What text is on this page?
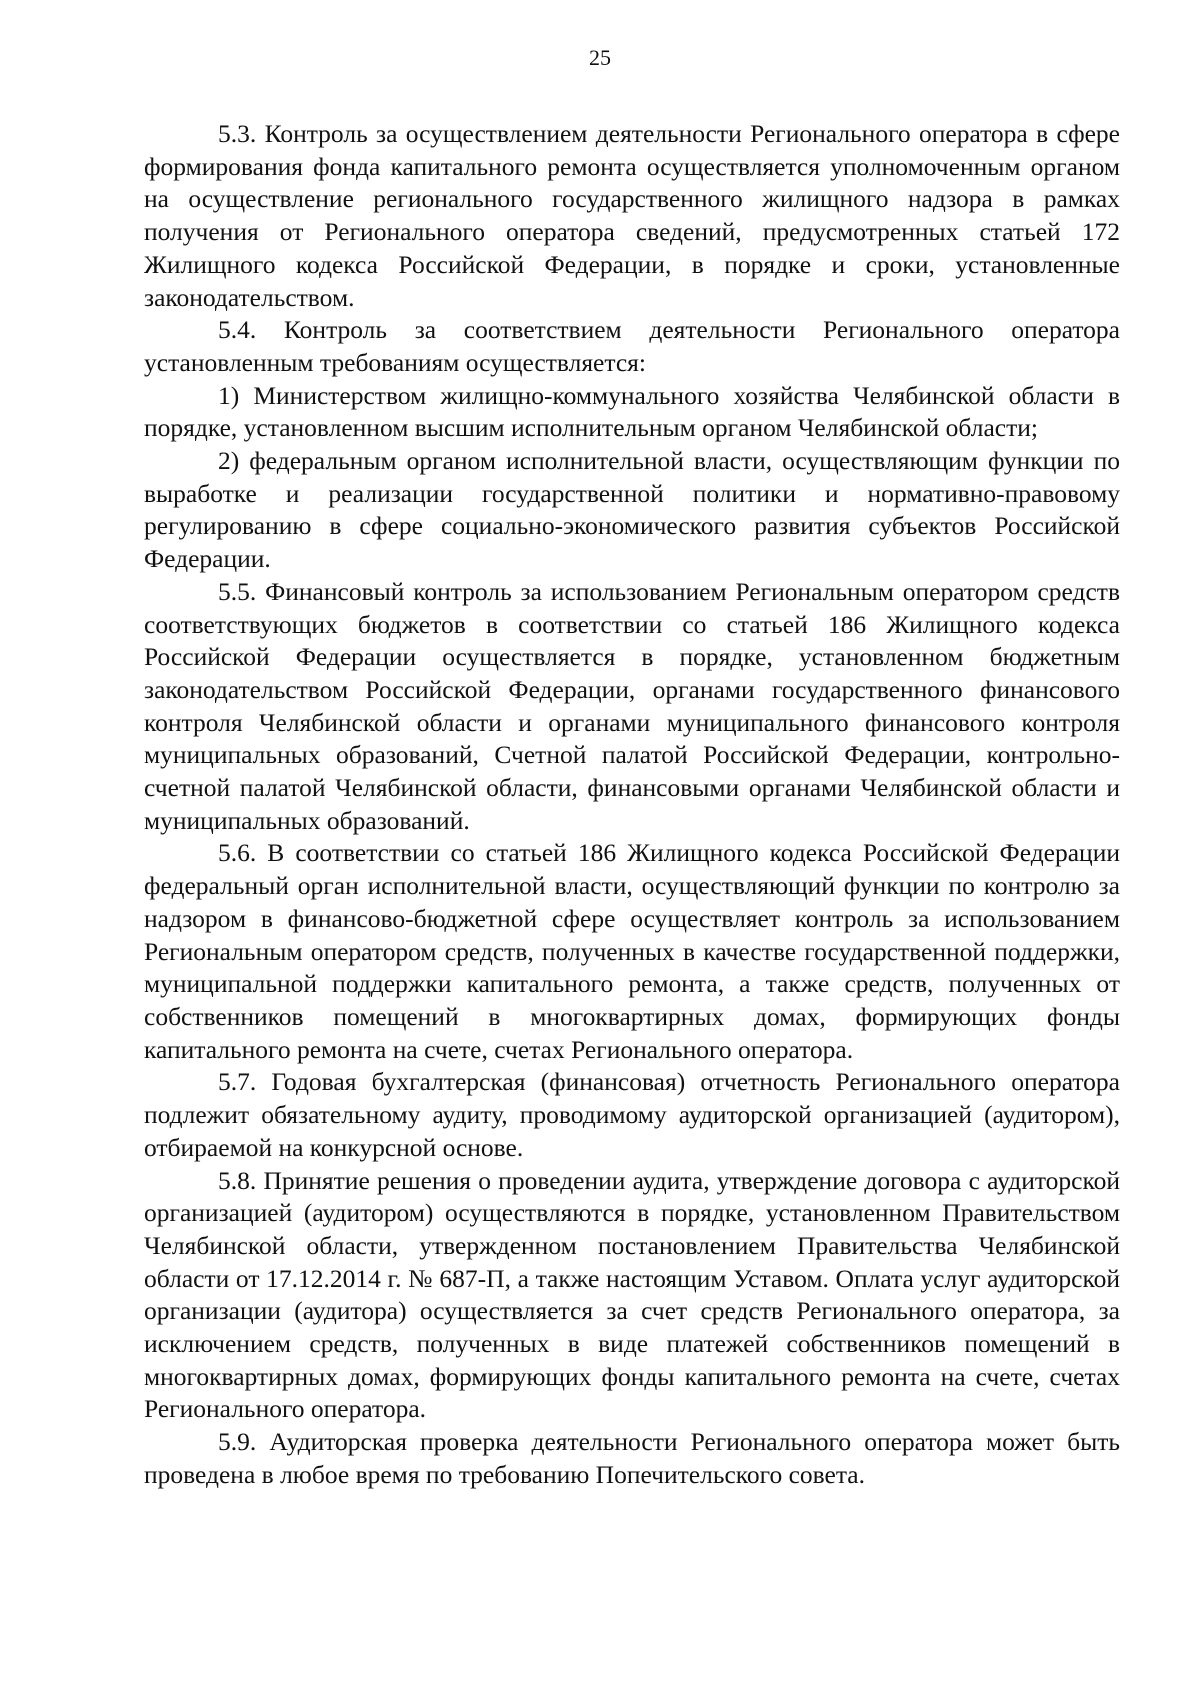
25

5.3. Контроль за осуществлением деятельности Регионального оператора в сфере формирования фонда капитального ремонта осуществляется уполномоченным органом на осуществление регионального государственного жилищного надзора в рамках получения от Регионального оператора сведений, предусмотренных статьей 172 Жилищного кодекса Российской Федерации, в порядке и сроки, установленные законодательством.

5.4. Контроль за соответствием деятельности Регионального оператора установленным требованиям осуществляется:

1) Министерством жилищно-коммунального хозяйства Челябинской области в порядке, установленном высшим исполнительным органом Челябинской области;

2) федеральным органом исполнительной власти, осуществляющим функции по выработке и реализации государственной политики и нормативно-правовому регулированию в сфере социально-экономического развития субъектов Российской Федерации.

5.5. Финансовый контроль за использованием Региональным оператором средств соответствующих бюджетов в соответствии со статьей 186 Жилищного кодекса Российской Федерации осуществляется в порядке, установленном бюджетным законодательством Российской Федерации, органами государственного финансового контроля Челябинской области и органами муниципального финансового контроля муниципальных образований, Счетной палатой Российской Федерации, контрольно-счетной палатой Челябинской области, финансовыми органами Челябинской области и муниципальных образований.

5.6. В соответствии со статьей 186 Жилищного кодекса Российской Федерации федеральный орган исполнительной власти, осуществляющий функции по контролю за надзором в финансово-бюджетной сфере осуществляет контроль за использованием Региональным оператором средств, полученных в качестве государственной поддержки, муниципальной поддержки капитального ремонта, а также средств, полученных от собственников помещений в многоквартирных домах, формирующих фонды капитального ремонта на счете, счетах Регионального оператора.

5.7. Годовая бухгалтерская (финансовая) отчетность Регионального оператора подлежит обязательному аудиту, проводимому аудиторской организацией (аудитором), отбираемой на конкурсной основе.

5.8. Принятие решения о проведении аудита, утверждение договора с аудиторской организацией (аудитором) осуществляются в порядке, установленном Правительством Челябинской области, утвержденном постановлением Правительства Челябинской области от 17.12.2014 г. № 687-П, а также настоящим Уставом. Оплата услуг аудиторской организации (аудитора) осуществляется за счет средств Регионального оператора, за исключением средств, полученных в виде платежей собственников помещений в многоквартирных домах, формирующих фонды капитального ремонта на счете, счетах Регионального оператора.

5.9. Аудиторская проверка деятельности Регионального оператора может быть проведена в любое время по требованию Попечительского совета.
